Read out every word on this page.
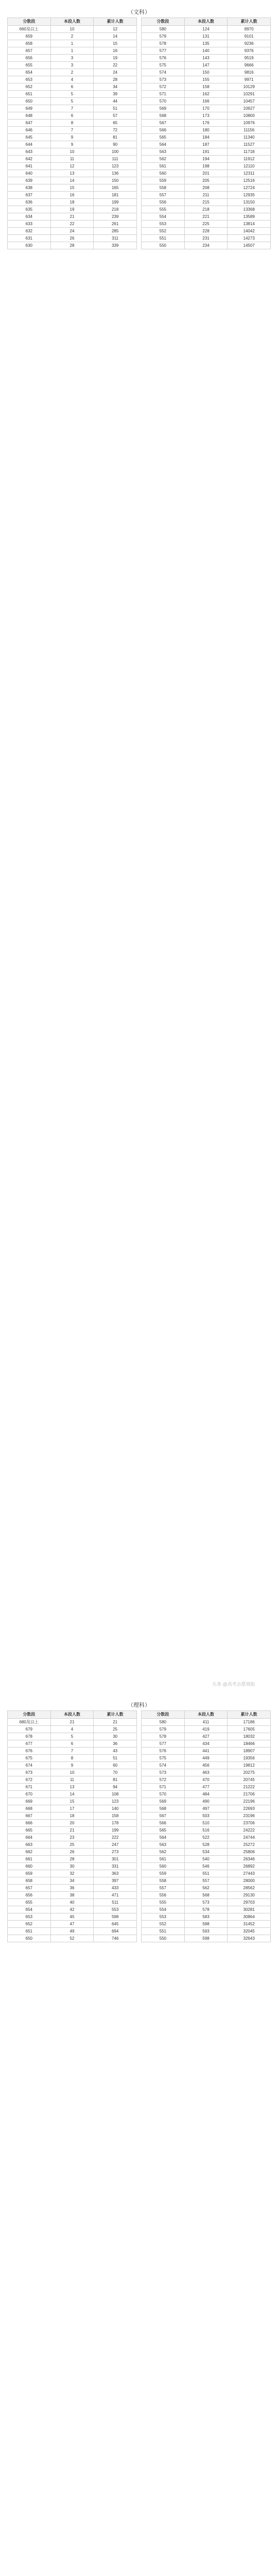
（文科）
分数段	本段人数	累计人数
660及以上	10	12
659	2	14
658	1	15
657	1	16
656	3	19
655	3	22
654	2	24
653	4	28
652	6	34
651	5	39
650	5	44
649	7	51
648	6	57
647	8	65
646	7	72
645	9	81
644	9	90
643	10	100
642	11	111
641	12	123
640	13	136
639	14	150
638	15	165
637	16	181
636	18	199
635	19	218
634	21	239
633	22	261
632	24	285
631	26	311
630	28	339
分数段	本段人数	累计人数
580	124	8970
579	131	9101
578	135	9236
577	140	9376
576	143	9519
575	147	9666
574	150	9816
573	155	9971
572	158	10129
571	162	10291
570	166	10457
569	170	10627
568	173	10800
567	176	10976
566	180	11156
565	184	11340
564	187	11527
563	191	11718
562	194	11912
561	198	12110
560	201	12311
559	205	12516
558	208	12724
557	211	12935
556	215	13150
555	218	13368
554	221	13589
553	225	13814
552	228	14042
551	231	14273
550	234	14507
头条 @高考志愿填报
（理科）
分数段	本段人数	累计人数
680及以上	21	21
679	4	25
678	5	30
677	6	36
676	7	43
675	8	51
674	9	60
673	10	70
672	11	81
671	13	94
670	14	108
669	15	123
668	17	140
667	18	158
666	20	178
665	21	199
664	23	222
663	25	247
662	26	273
661	28	301
660	30	331
659	32	363
658	34	397
657	36	433
656	38	471
655	40	511
654	42	553
653	45	598
652	47	645
651	49	694
650	52	746
分数段	本段人数	累计人数
580	411	17186
579	419	17605
578	427	18032
577	434	18466
576	441	18907
575	449	19356
574	456	19812
573	463	20275
572	470	20745
571	477	21222
570	484	21706
569	490	22196
568	497	22693
567	503	23196
566	510	23706
565	516	24222
564	522	24744
563	528	25272
562	534	25806
561	540	26346
560	546	26892
559	551	27443
558	557	28000
557	562	28562
556	568	29130
555	573	29703
554	578	30281
553	583	30864
552	588	31452
551	593	32045
550	598	32643
